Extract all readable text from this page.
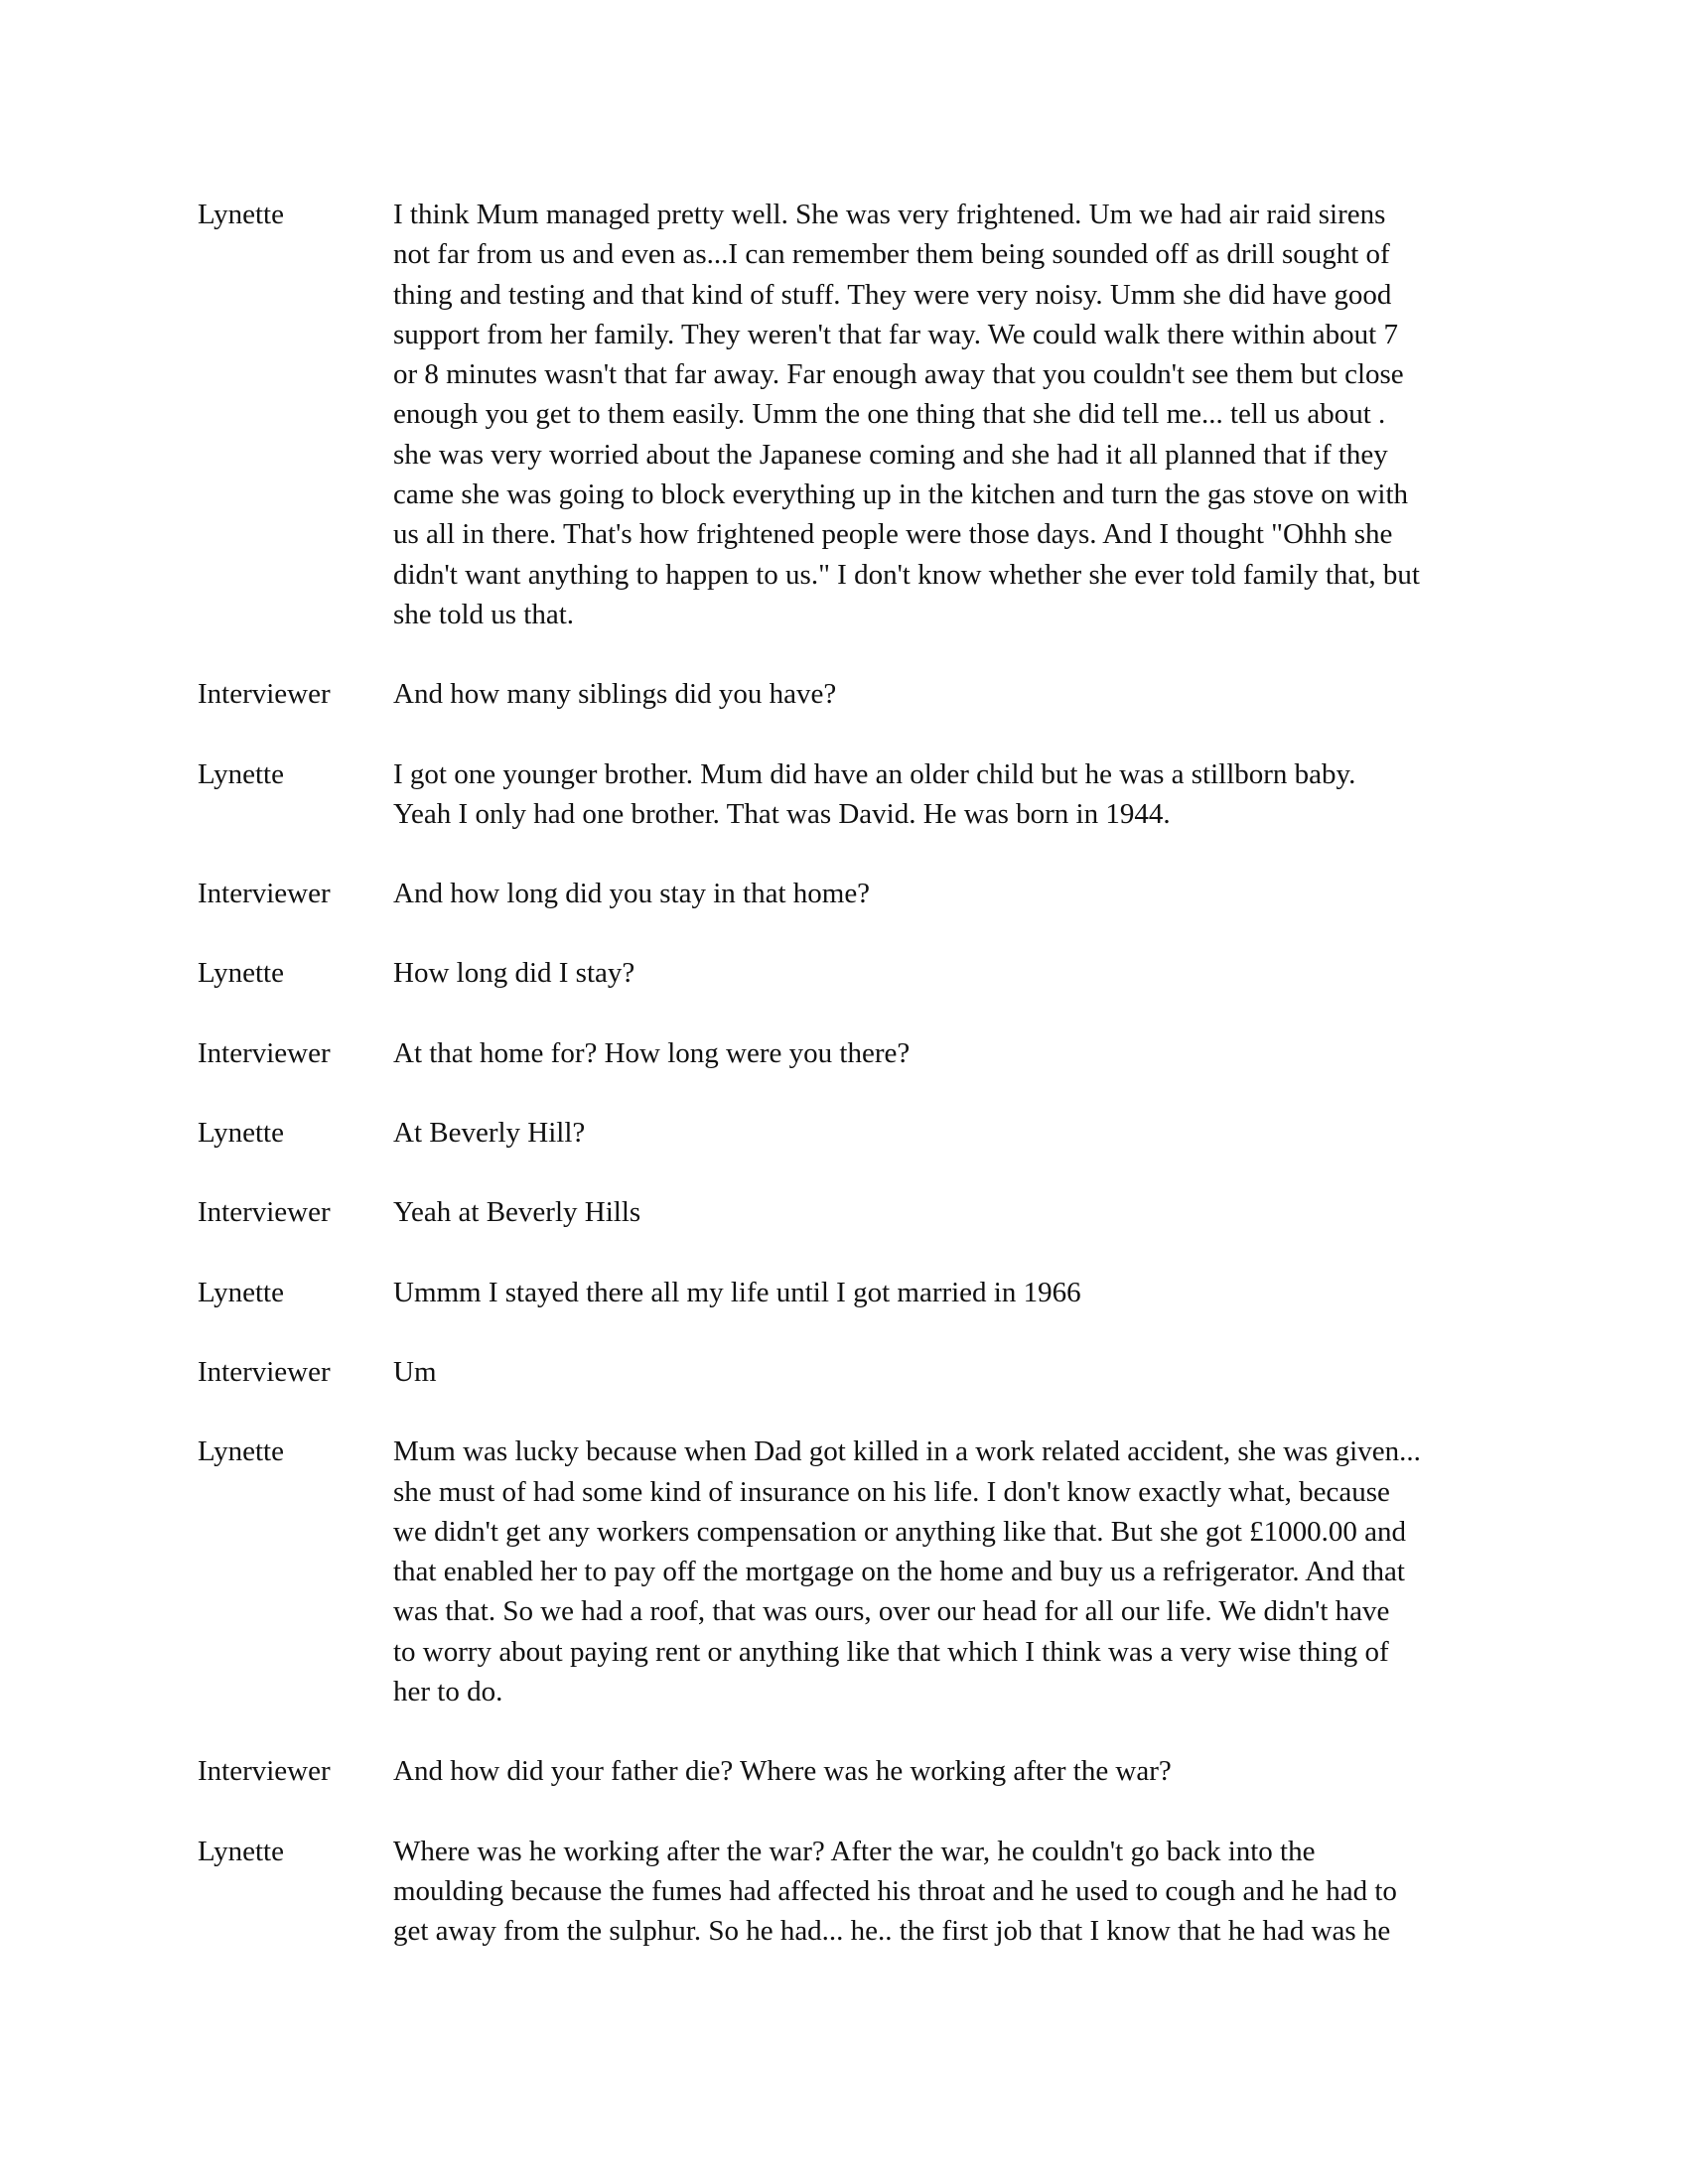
Lynette	I think Mum managed pretty well. She was very frightened. Um we had air raid sirens
not far from us and even as...I can remember them being sounded off as drill sought of
thing and testing and that kind of stuff. They were very noisy. Umm she did have good
support from her family. They weren't that far way. We could walk there within about 7
or 8 minutes wasn't that far away. Far enough away that you couldn't see them but close
enough you get to them easily. Umm the one thing that she did tell me... tell us about .
she was very worried about the Japanese coming and she had it all planned that if they
came she was going to block everything up in the kitchen and turn the gas stove on with
us all in there. That's how frightened people were those days. And I thought "Ohhh she
didn't want anything to happen to us." I don't know whether she ever told family that, but
she told us that.
Interviewer	And how many siblings did you have?
Lynette	I got one younger brother. Mum did have an older child but he was a stillborn baby.
Yeah I only had one brother. That was David. He was born in 1944.
Interviewer	And how long did you stay in that home?
Lynette	How long did I stay?
Interviewer	At that home for? How long were you there?
Lynette	At Beverly Hill?
Interviewer	Yeah at Beverly Hills
Lynette	Ummm I stayed there all my life until I got married in 1966
Interviewer	Um
Lynette	Mum was lucky because when Dad got killed in a work related accident, she was given...
she must of had some kind of insurance on his life. I don't know exactly what, because
we didn't get any workers compensation or anything like that. But she got £1000.00 and
that enabled her to pay off the mortgage on the home and buy us a refrigerator. And that
was that. So we had a roof, that was ours, over our head for all our life. We didn't have
to worry about paying rent or anything like that which I think was a very wise thing of
her to do.
Interviewer	And how did your father die? Where was he working after the war?
Lynette	Where was he working after the war? After the war, he couldn't go back into the
moulding because the fumes had affected his throat and he used to cough and he had to
get away from the sulphur. So he had... he.. the first job that I know that he had was he
